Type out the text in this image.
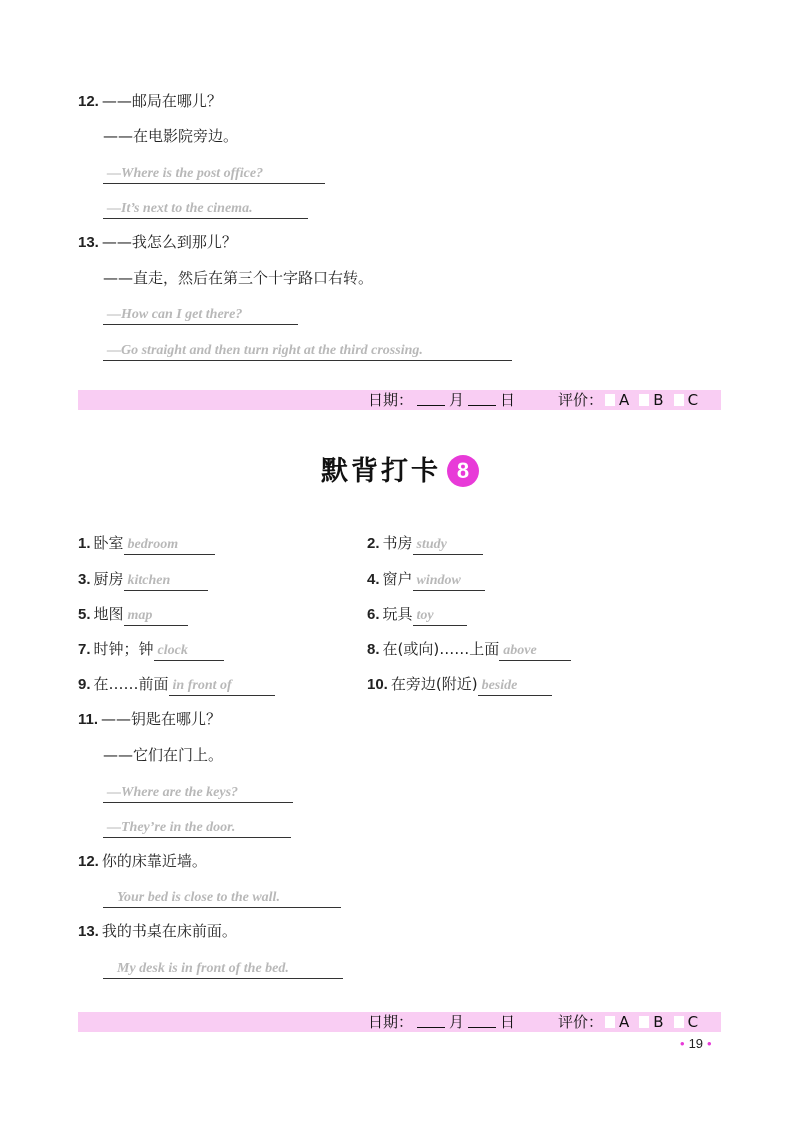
12. ——邮局在哪儿？
——在电影院旁边。
—Where is the post office?
—It’s next to the cinema.
13. ——我怎么到那儿？
——直走，然后在第三个十字路口右转。
—How can I get there?
—Go straight and then turn right at the third crossing.
日期： 月 日	评价： A B C
默背打卡 8
1. 卧室 bedroom	2. 书房 study
3. 厨房 kitchen	4. 窗户 window
5. 地图 map	6. 玩具 toy
7. 时钟；钟 clock	8. 在(或向)……上面 above
9. 在……前面 in front of	10. 在旁边(附近) beside
11. ——钥匙在哪儿？
——它们在门上。
—Where are the keys?
—They’re in the door.
12. 你的床靠近墙。
Your bed is close to the wall.
13. 我的书桌在床前面。
My desk is in front of the bed.
日期： 月 日	评价： A B C
• 19 •
